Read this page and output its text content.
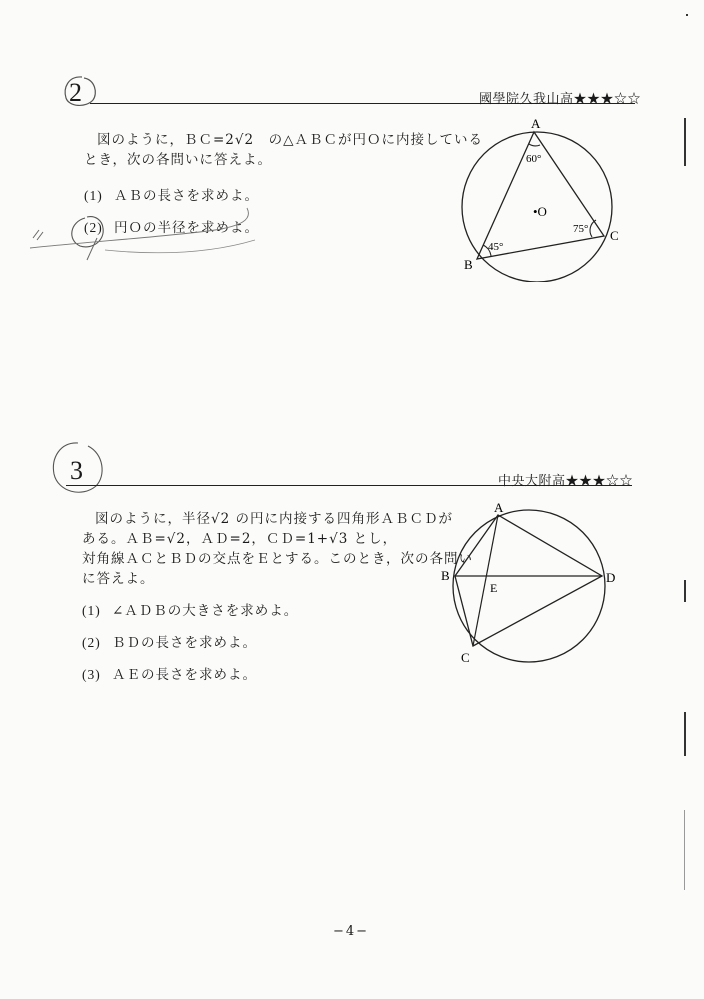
2	國學院久我山高★★★☆☆
図のように，ＢＣ=2√2　の△ＡＢＣが円Ｏに内接している
とき，次の各問いに答えよ。
(1) ＡＢの長さを求めよ。
(2) 円Ｏの半径を求めよ。
A
B
C
•O
60°
45°
75°
3	中央大附高★★★☆☆
図のように，半径√2 の円に内接する四角形ＡＢＣＤが
ある。ＡＢ=√2，ＡＤ=2，ＣＤ=1+√3 とし，
対角線ＡＣとＢＤの交点をＥとする。このとき，次の各問い
に答えよ。
(1) ∠ＡＤＢの大きさを求めよ。
(2) ＢＤの長さを求めよ。
(3) ＡＥの長さを求めよ。
A
B
C
D
E
−4−
